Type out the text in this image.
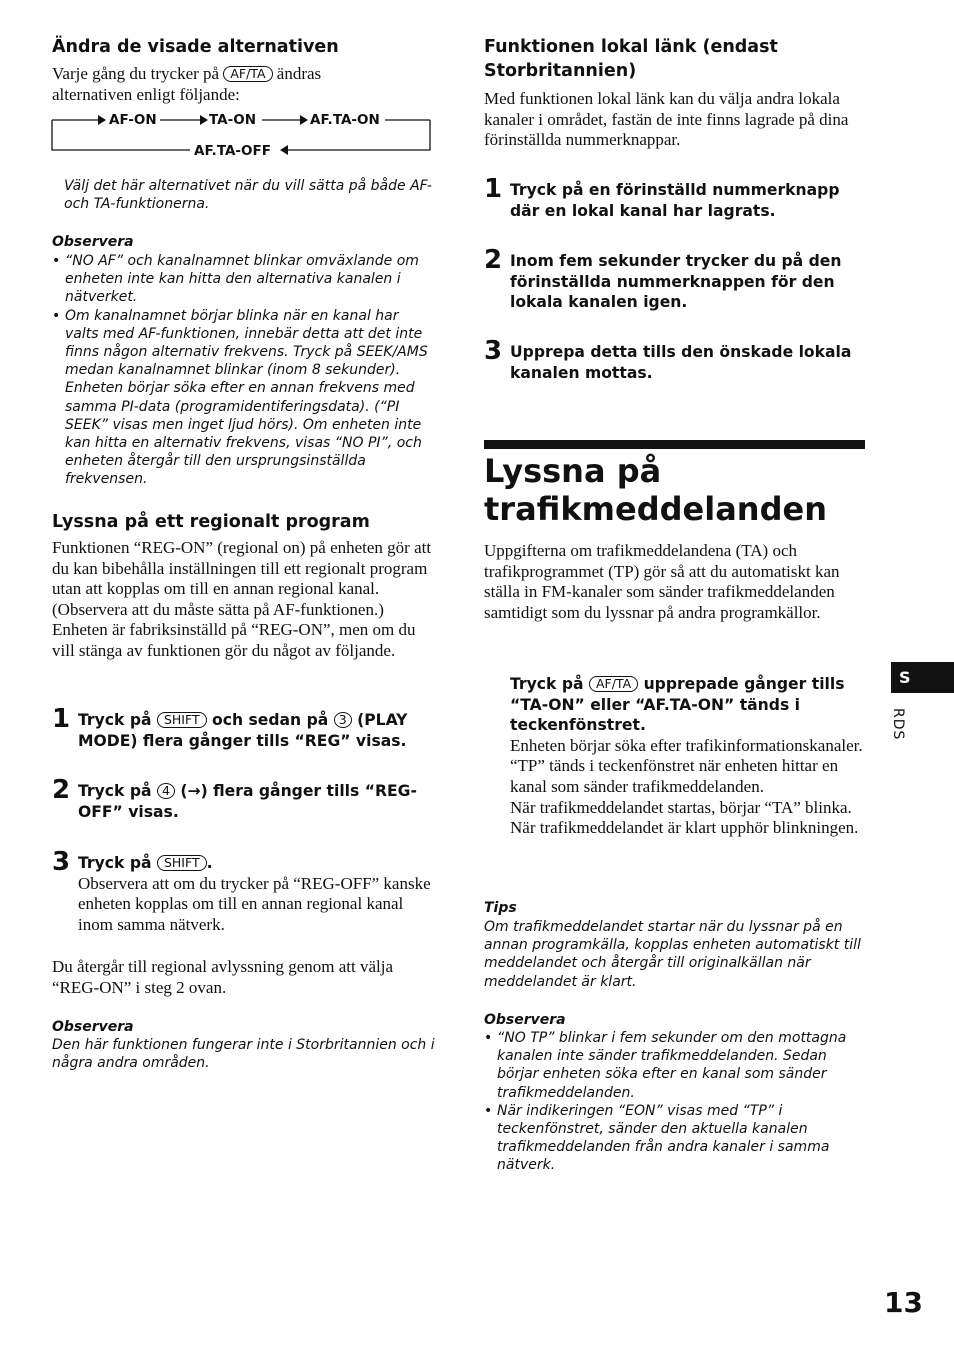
Ändra de visade alternativen

Varje gång du trycker på AF/TA ändras
alternativen enligt följande:

AF-ON	TA-ON	AF.TA-ON
AF.TA-OFF
Välj det här alternativet när du vill sätta på både AF- och TA-funktionerna.
Observera
• “NO AF” och kanalnamnet blinkar omväxlande om enheten inte kan hitta den alternativa kanalen i nätverket.
• Om kanalnamnet börjar blinka när en kanal har valts med AF-funktionen, innebär detta att det inte finns någon alternativ frekvens. Tryck på SEEK/AMS medan kanalnamnet blinkar (inom 8 sekunder). Enheten börjar söka efter en annan frekvens med samma PI-data (programidentiferingsdata). (“PI SEEK” visas men inget ljud hörs). Om enheten inte kan hitta en alternativ frekvens, visas “NO PI”, och enheten återgår till den ursprungsinställda frekvensen.
Lyssna på ett regionalt program

Funktionen “REG-ON” (regional on) på enheten gör att du kan bibehålla inställningen till ett regionalt program utan att kopplas om till en annan regional kanal. (Observera att du måste sätta på AF-funktionen.) Enheten är fabriksinställd på “REG-ON”, men om du vill stänga av funktionen gör du något av följande.

1 Tryck på SHIFT och sedan på 3 (PLAY MODE) flera gånger tills “REG” visas.
2 Tryck på 4 (→) flera gånger tills “REG-OFF” visas.
3 Tryck på SHIFT .
Observera att om du trycker på “REG-OFF” kanske enheten kopplas om till en annan regional kanal inom samma nätverk.

Du återgår till regional avlyssning genom att välja “REG-ON” i steg 2 ovan.

Observera
Den här funktionen fungerar inte i Storbritannien och i några andra områden.
Funktionen lokal länk (endast Storbritannien)

Med funktionen lokal länk kan du välja andra lokala kanaler i området, fastän de inte finns lagrade på dina förinställda nummerknappar.

1 Tryck på en förinställd nummerknapp där en lokal kanal har lagrats.
2 Inom fem sekunder trycker du på den förinställda nummerknappen för den lokala kanalen igen.
3 Upprepa detta tills den önskade lokala kanalen mottas.
Lyssna på trafikmeddelanden

Uppgifterna om trafikmeddelandena (TA) och trafikprogrammet (TP) gör så att du automatiskt kan ställa in FM-kanaler som sänder trafikmeddelanden samtidigt som du lyssnar på andra programkällor.

Tryck på AF/TA upprepade gånger tills “TA-ON” eller “AF.TA-ON” tänds i teckenfönstret.
Enheten börjar söka efter trafikinformationskanaler. “TP” tänds i teckenfönstret när enheten hittar en kanal som sänder trafikmeddelanden.
När trafikmeddelandet startas, börjar “TA” blinka. När trafikmeddelandet är klart upphör blinkningen.
Tips
Om trafikmeddelandet startar när du lyssnar på en annan programkälla, kopplas enheten automatiskt till meddelandet och återgår till originalkällan när meddelandet är klart.
Observera
• “NO TP” blinkar i fem sekunder om den mottagna kanalen inte sänder trafikmeddelanden. Sedan börjar enheten söka efter en kanal som sänder trafikmeddelanden.
• När indikeringen “EON” visas med “TP” i teckenfönstret, sänder den aktuella kanalen trafikmeddelanden från andra kanaler i samma nätverk.
S
RDS
13
